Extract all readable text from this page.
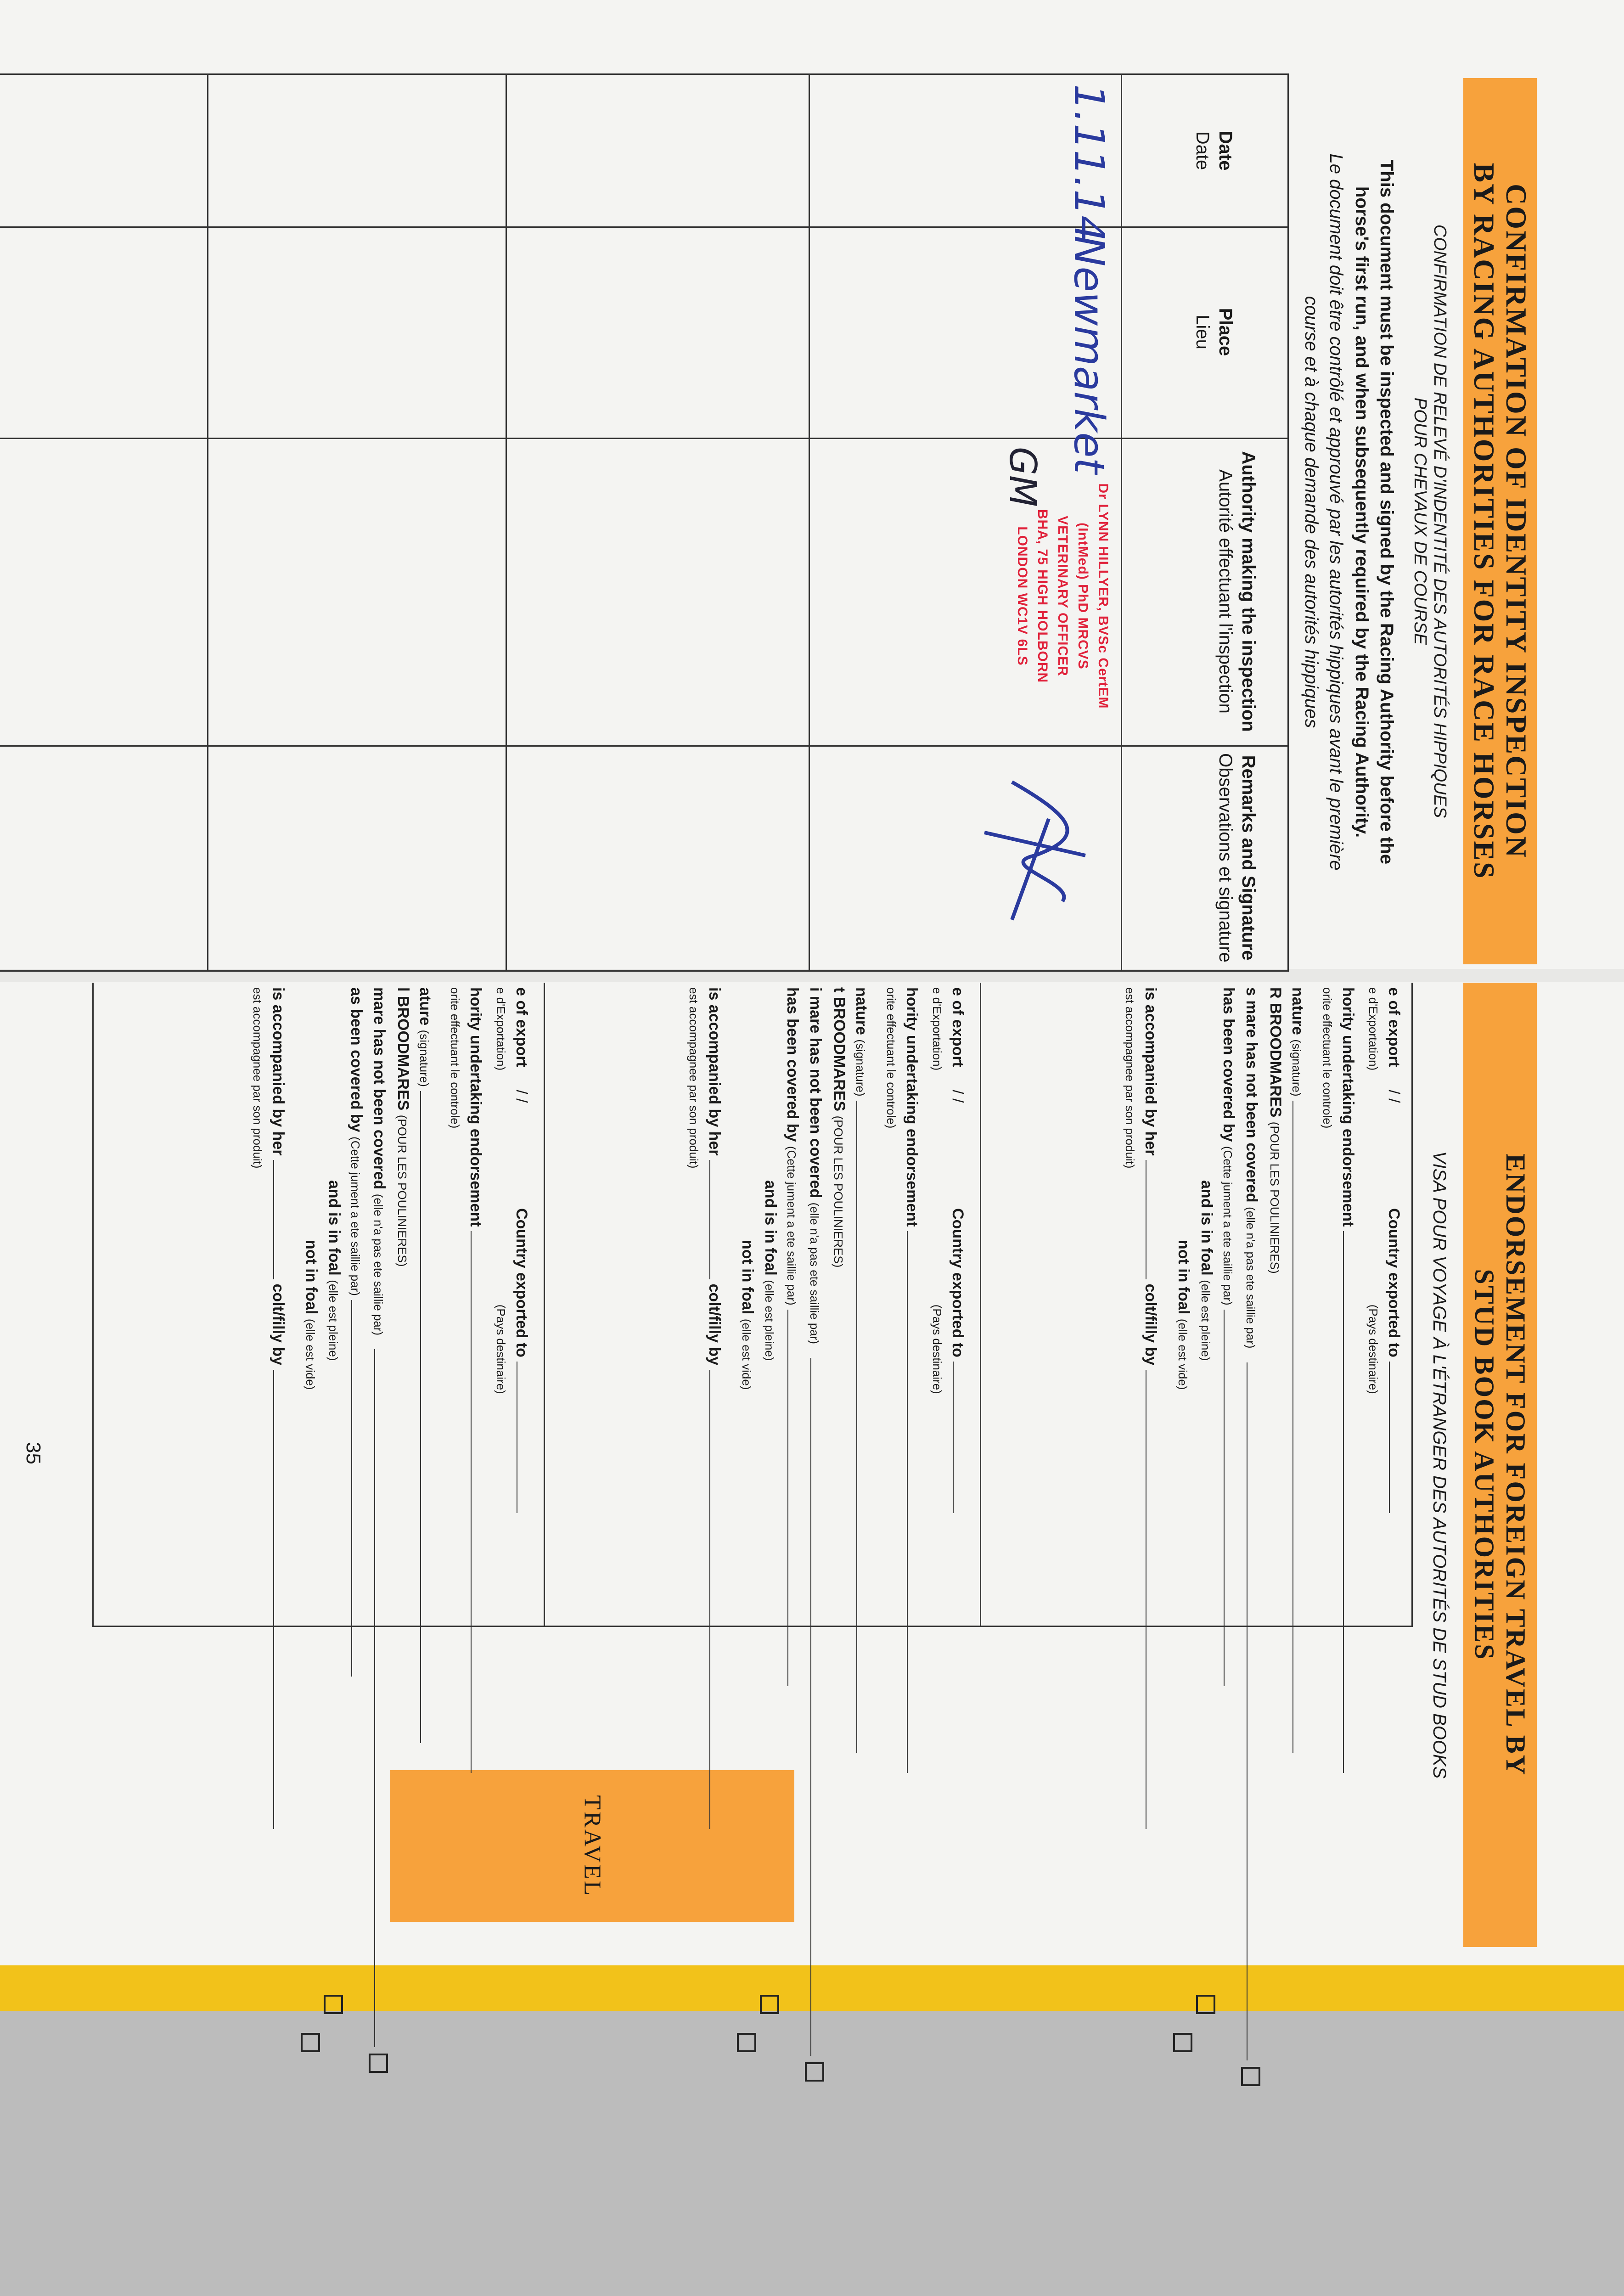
TRAVEL
CONFIRMATION OF IDENTITY INSPECTION
BY RACING AUTHORITIES FOR RACE HORSES
CONFIRMATION DE RELEVÉ D'INDENTITÉ DES AUTORITÉS HIPPIQUES
POUR CHEVAUX DE COURSE
This document must be inspected and signed by the Racing Authority before the
horse's first run, and when subsequently required by the Racing Authority.
Le document doit être contrôlé et approuvé par les autorités hippiques avant le première
course et à chaque demande des autorités hippiques
Date
Date
Place
Lieu
Authority making the inspection
Autorité effectuant l'inspection
Remarks and Signature
Observations et signature
1.11.14
Newmarket
GM
Dr LYNN HILLYER, BVSc CertEM
(IntMed) PhD MRCVS
VETERINARY OFFICER
BHA, 75 HIGH HOLBORN
LONDON WC1V 6LS
ENDORSEMENT FOR FOREIGN TRAVEL BY
STUD BOOK AUTHORITIES
VISA POUR VOYAGE À L'ÉTRANGER DES AUTORITÉS DE STUD BOOKS
e of export / / Country exported to
e d'Exportation) (Pays destinaire)
hority undertaking endorsement
orite effectuant le controle)
nature (signature)
R BROODMARES (POUR LES POULINIERES)
s mare has not been covered (elle n'a pas ete saillie par)
has been covered by (Cette jument a ete saillie par)
and is in foal (elle est pleine)
not in foal (elle est vide)
is accompanied by her  colt/filly by
est accompagnee par son produit)
e of export / / Country exported to
e d'Exportation) (Pays destinaire)
hority undertaking endorsement
orite effectuant le controle)
nature (signature)
t BROODMARES (POUR LES POULINIERES)
i mare has not been covered (elle n'a pas ete saillie par)
has been covered by (Cette jument a ete saillie par)
and is in foal (elle est pleine)
not in foal (elle est vide)
is accompanied by her  colt/filly by
est accompagnee par son produit)
e of export / / Country exported to
e d'Exportation) (Pays destinaire)
hority undertaking endorsement
orite effectuant le controle)
ature (signature)
l BROODMARES (POUR LES POULINIERES)
mare has not been covered (elle n'a pas ete saillie par)
as been covered by (Cette jument a ete saillie par)
and is in foal (elle est pleine)
not in foal (elle est vide)
is accompanied by her  colt/filly by
est accompagnee par son produit)
35
